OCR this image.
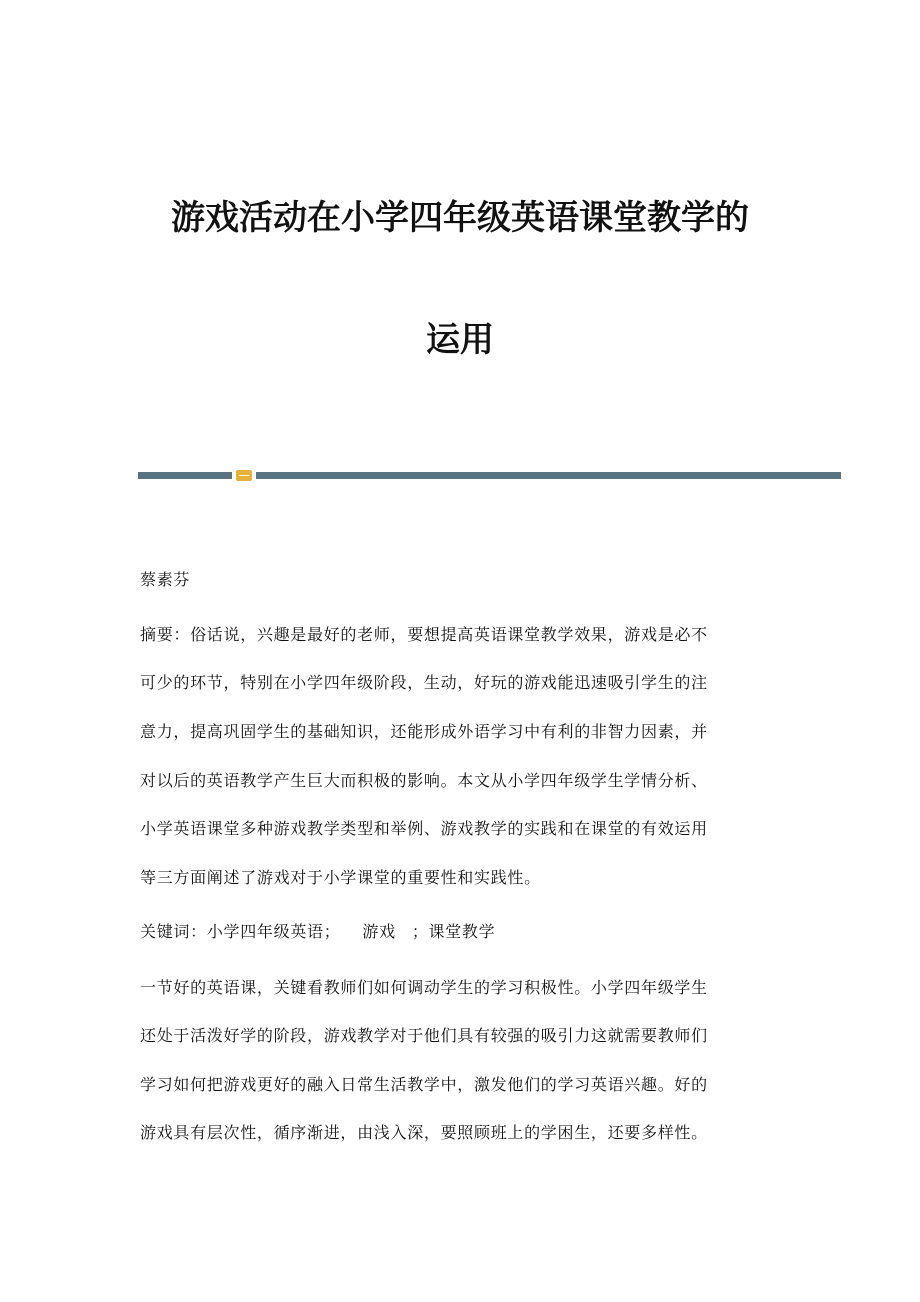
游戏活动在小学四年级英语课堂教学的
运用
蔡素芬
摘要：俗话说，兴趣是最好的老师，要想提高英语课堂教学效果，游戏是必不
可少的环节，特别在小学四年级阶段，生动，好玩的游戏能迅速吸引学生的注
意力，提高巩固学生的基础知识，还能形成外语学习中有利的非智力因素，并
对以后的英语教学产生巨大而积极的影响。本文从小学四年级学生学情分析、
小学英语课堂多种游戏教学类型和举例、游戏教学的实践和在课堂的有效运用
等三方面阐述了游戏对于小学课堂的重要性和实践性。
关键词：小学四年级英语； 游戏 ；课堂教学
一节好的英语课，关键看教师们如何调动学生的学习积极性。小学四年级学生
还处于活泼好学的阶段，游戏教学对于他们具有较强的吸引力这就需要教师们
学习如何把游戏更好的融入日常生活教学中，激发他们的学习英语兴趣。好的
游戏具有层次性，循序渐进，由浅入深，要照顾班上的学困生，还要多样性。
